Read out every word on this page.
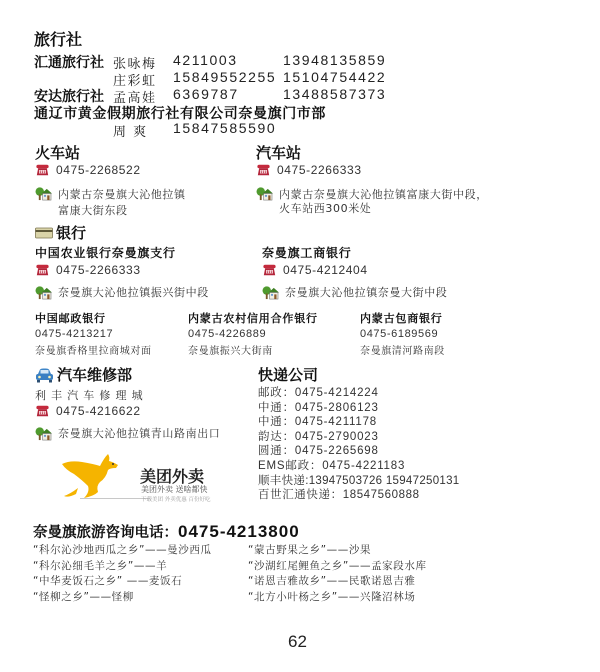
旅行社
汇通旅行社 张咏梅 4211003	13948135859
庄彩虹 15849552255 15104754422
安达旅行社 孟高娃 6369787	13488587373
通辽市黄金假期旅行社有限公司奈曼旗门市部
周 爽 15847585590
火车站
0475-2268522
内蒙古奈曼旗大沁他拉镇
富康大街东段
汽车站
0475-2266333
内蒙古奈曼旗大沁他拉镇富康大街中段，
火车站西300米处
银行
中国农业银行奈曼旗支行
0475-2266333
奈曼旗大沁他拉镇振兴街中段
奈曼旗工商银行
0475-4212404
奈曼旗大沁他拉镇奈曼大街中段
中国邮政银行
0475-4213217
奈曼旗香格里拉商城对面
内蒙古农村信用合作银行
0475-4226889
奈曼旗振兴大街南
内蒙古包商银行
0475-6189569
奈曼旗清河路南段
汽车维修部
利 丰 汽 车 修 理 城
0475-4216622
奈曼旗大沁他拉镇青山路南出口
快递公司
邮政：0475-4214224
中通：0475-2806123
中通：0475-4211178
韵达：0475-2790023
圆通：0475-2265698
EMS邮政：0475-4221183
顺丰快递:13947503726 15947250131
百世汇通快递：18547560888
美团外卖
美团外卖 送啥都快
下载美团 外卖优惠 百份好吃
奈曼旗旅游咨询电话：0475-4213800
“科尔沁沙地西瓜之乡”——曼沙西瓜
“科尔沁细毛羊之乡”——羊
“中华麦饭石之乡” ——麦饭石
“怪柳之乡”——怪柳
“蒙古野果之乡”——沙果
“沙湖红尾鲤鱼之乡”——孟家段水库
“诺恩吉雅故乡”——民歌诺恩吉雅
“北方小叶杨之乡”——兴隆沼林场
62
